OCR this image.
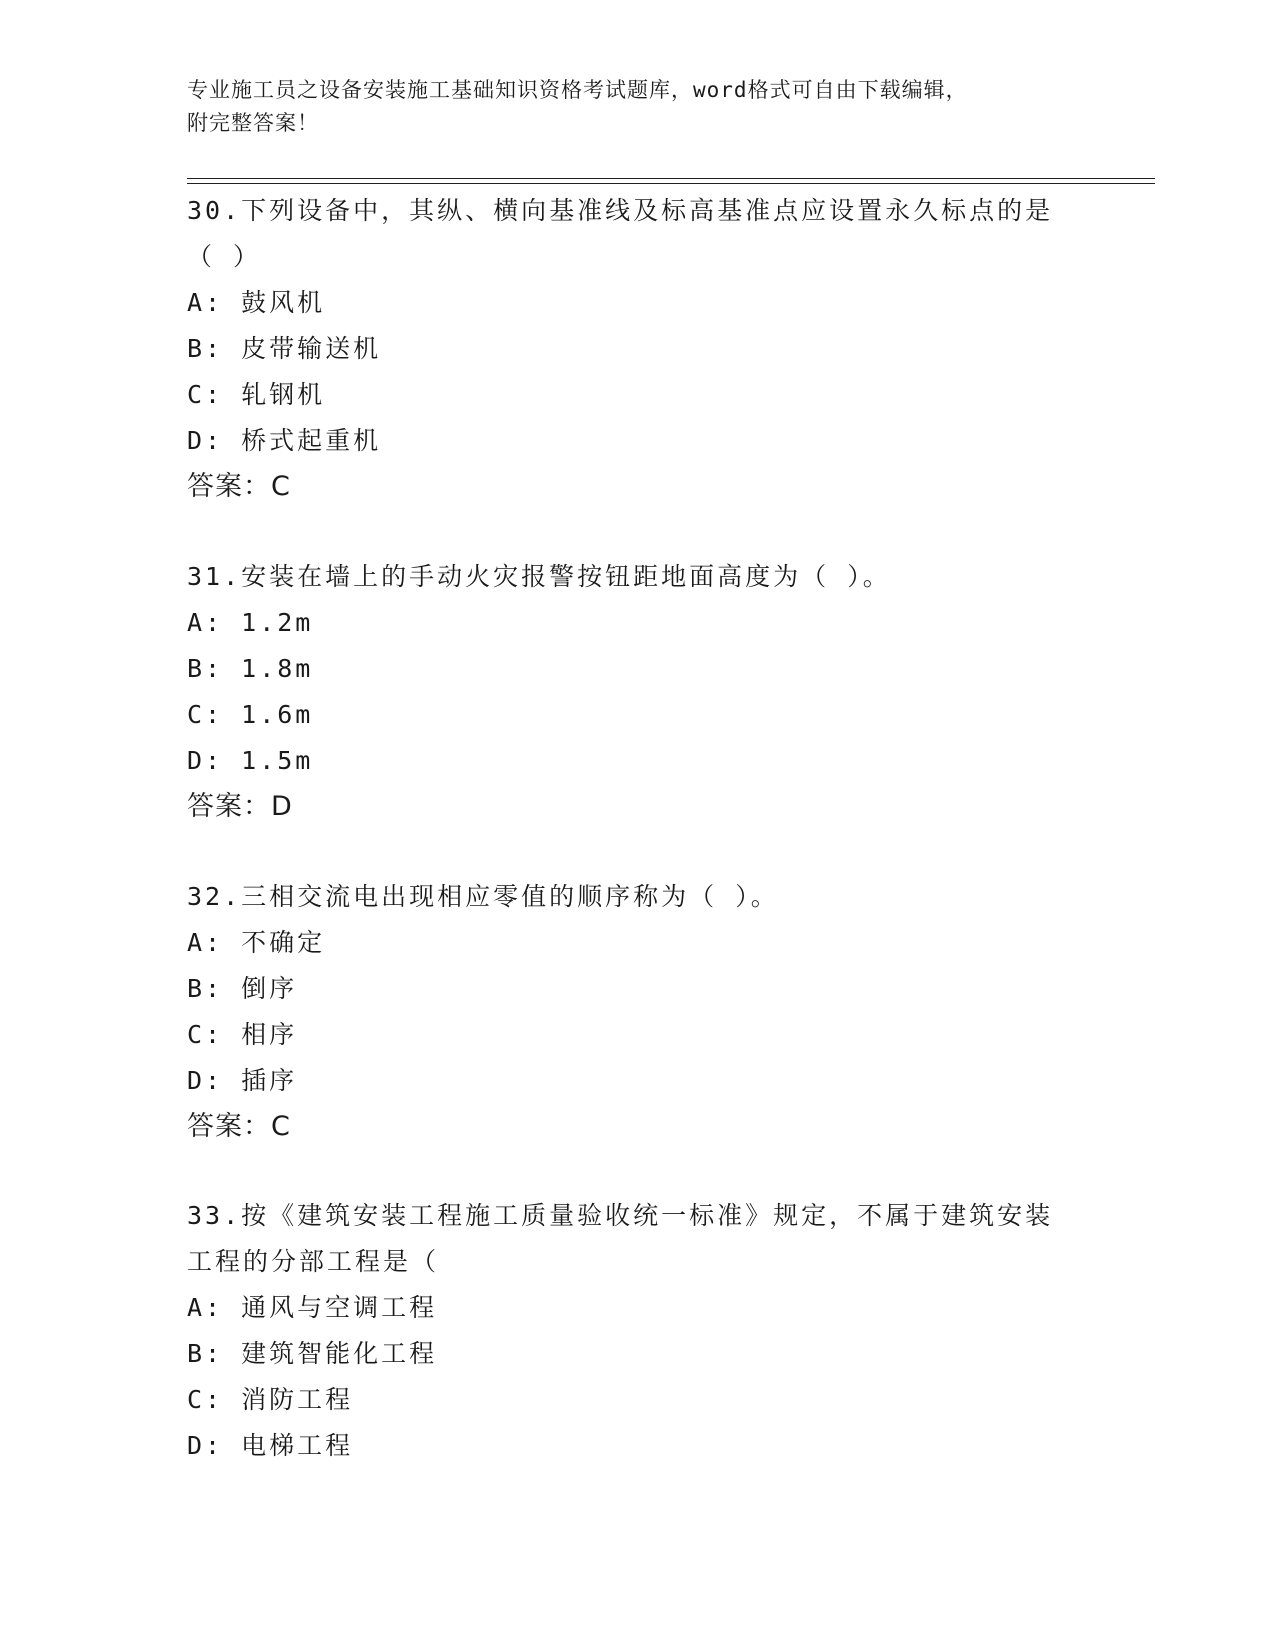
专业施工员之设备安装施工基础知识资格考试题库，word格式可自由下载编辑，
附完整答案！
30.下列设备中，其纵、横向基准线及标高基准点应设置永久标点的是
（ ）
A: 鼓风机
B: 皮带输送机
C: 轧钢机
D: 桥式起重机
答案：C
31.安装在墙上的手动火灾报警按钮距地面高度为（ ）。
A: 1.2m
B: 1.8m
C: 1.6m
D: 1.5m
答案：D
32.三相交流电出现相应零值的顺序称为（ ）。
A: 不确定
B: 倒序
C: 相序
D: 插序
答案：C
33.按《建筑安装工程施工质量验收统一标准》规定，不属于建筑安装
工程的分部工程是（
A: 通风与空调工程
B: 建筑智能化工程
C: 消防工程
D: 电梯工程
